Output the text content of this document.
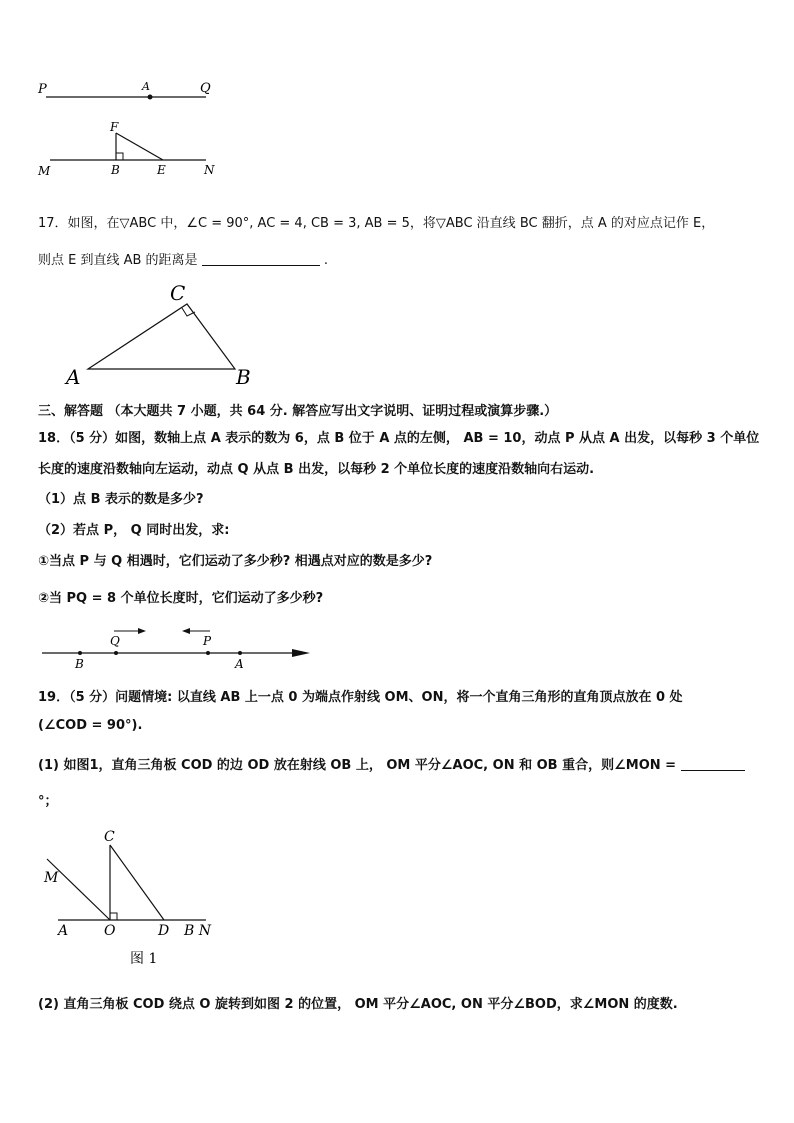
P	A	Q
F
M	B	E	N
17．如图，在▽ABC 中，∠C = 90°, AC = 4, CB = 3, AB = 5，将▽ABC 沿直线 BC 翻折，点 A 的对应点记作 E，
则点 E 到直线 AB 的距离是	.
C
A	B
三、解答题 （本大题共 7 小题，共 64 分. 解答应写出文字说明、证明过程或演算步骤.）
18．（5 分）如图，数轴上点 A 表示的数为 6，点 B 位于 A 点的左侧， AB = 10，动点 P 从点 A 出发，以每秒 3 个单位
长度的速度沿数轴向左运动，动点 Q 从点 B 出发，以每秒 2 个单位长度的速度沿数轴向右运动.
（1）点 B 表示的数是多少?
（2）若点 P， Q 同时出发，求:
①当点 P 与 Q 相遇时，它们运动了多少秒? 相遇点对应的数是多少?
②当 PQ = 8 个单位长度时，它们运动了多少秒?
Q	P
B	A
19．（5 分）问题情境: 以直线 AB 上一点 0 为端点作射线 OM、ON，将一个直角三角形的直角顶点放在 0 处
(∠COD = 90°).
(1) 如图1，直角三角板 COD 的边 OD 放在射线 OB 上， OM 平分∠AOC, ON 和 OB 重合，则∠MON =
°；
C
M
A	O	D B N
图 1
(2) 直角三角板 COD 绕点 O 旋转到如图 2 的位置， OM 平分∠AOC, ON 平分∠BOD，求∠MON 的度数.
